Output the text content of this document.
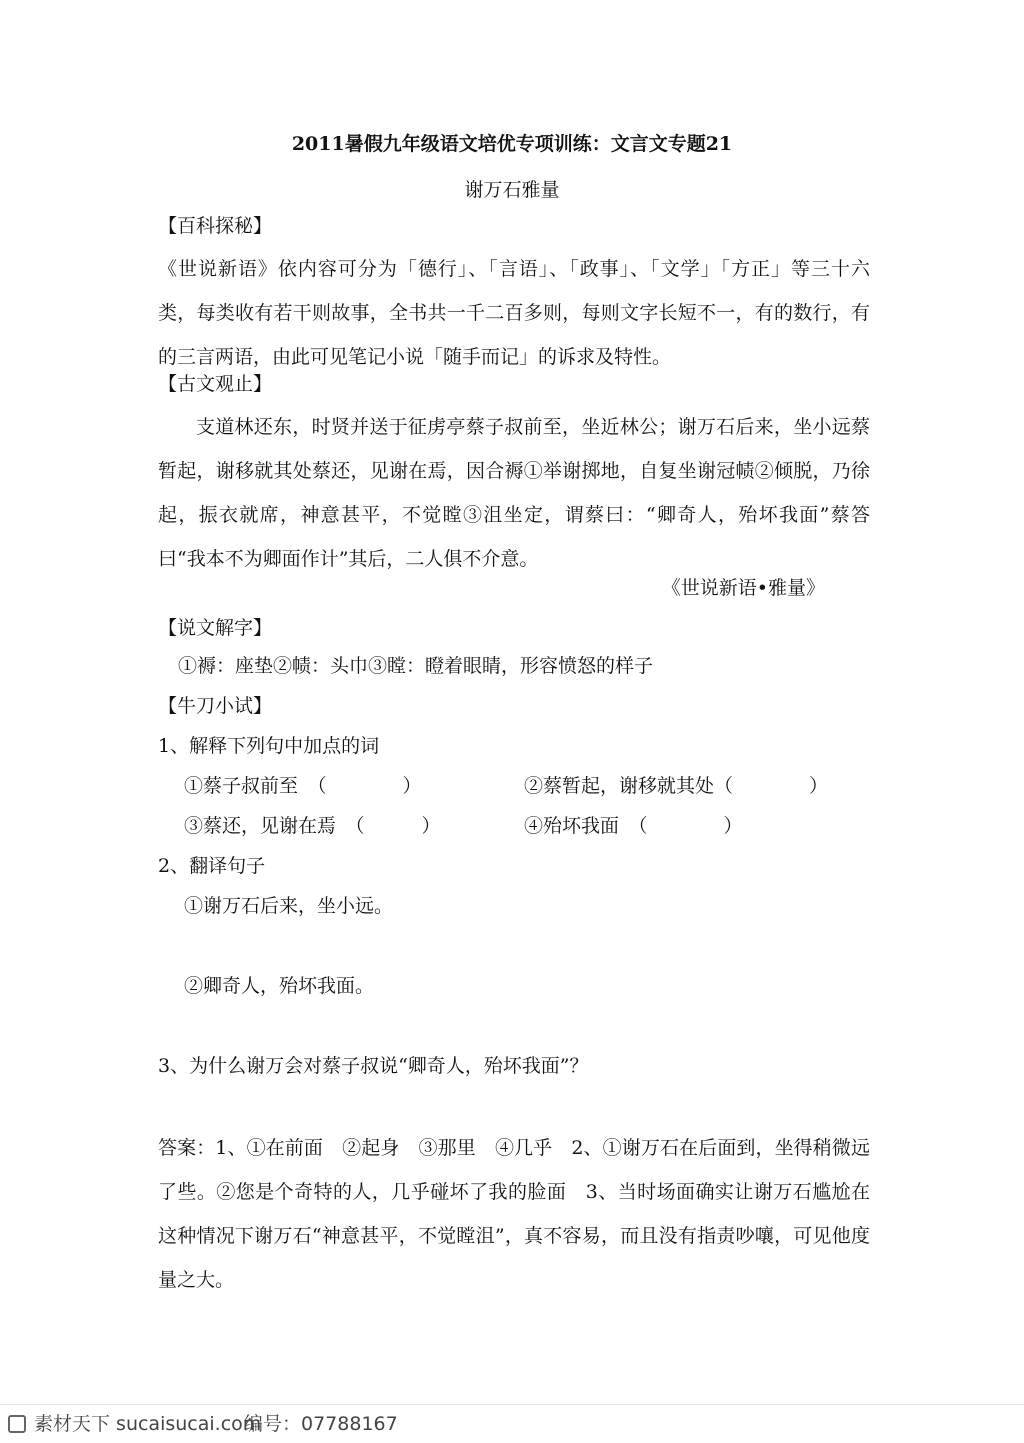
2011暑假九年级语文培优专项训练：文言文专题21
谢万石雅量
【百科探秘】
《世说新语》依内容可分为「德行」、「言语」、「政事」、「文学」「方正」等三十六类，每类收有若干则故事，全书共一千二百多则，每则文字长短不一，有的数行，有的三言两语，由此可见笔记小说「随手而记」的诉求及特性。
【古文观止】
支道林还东，时贤并送于征虏亭蔡子叔前至，坐近林公；谢万石后来，坐小远蔡暂起，谢移就其处蔡还，见谢在焉，因合褥①举谢掷地，自复坐谢冠帻②倾脱，乃徐起，振衣就席，神意甚平，不觉瞠③沮坐定，谓蔡曰：“卿奇人，殆坏我面”蔡答曰“我本不为卿面作计”其后，二人俱不介意。
《世说新语•雅量》
【说文解字】
①褥：座垫②帻：头巾③瞠：瞪着眼睛，形容愤怒的样子
【牛刀小试】
1、解释下列句中加点的词
①蔡子叔前至　（　　　　）	②蔡暂起，谢移就其处（　　　　）
③蔡还，见谢在焉　（　　　）	④殆坏我面　（　　　　）
2、翻译句子
①谢万石后来，坐小远。
②卿奇人，殆坏我面。
3、为什么谢万会对蔡子叔说“卿奇人，殆坏我面”？
答案：1、①在前面　②起身　③那里　④几乎　2、①谢万石在后面到，坐得稍微远了些。②您是个奇特的人，几乎碰坏了我的脸面　3、当时场面确实让谢万石尴尬在这种情况下谢万石“神意甚平，不觉瞠沮”，真不容易，而且没有指责吵嚷，可见他度量之大。
素材天下 sucaisucai.com
编号：07788167
